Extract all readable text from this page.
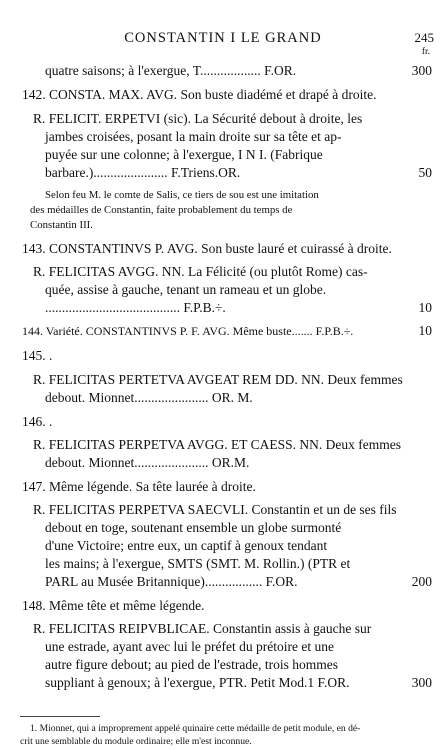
CONSTANTIN I LE GRAND	245
fr.
quatre saisons; à l'exergue, T.................. F.OR.	300
142. CONSTA. MAX. AVG. Son buste diadémé et drapé à droite.
R. FELICIT. ERPETVI (sic). La Sécurité debout à droite, les
jambes croisées, posant la main droite sur sa tête et ap-
puyée sur une colonne; à l'exergue, I N I. (Fabrique
barbare.)...................... F.Triens.OR.	50
Selon feu M. le comte de Salis, ce tiers de sou est une imitation
des médailles de Constantin, faite probablement du temps de
Constantin III.
143. CONSTANTINVS P. AVG. Son buste lauré et cuirassé à droite.
R. FELICITAS AVGG. NN. La Félicité (ou plutôt Rome) cas-
quée, assise à gauche, tenant un rameau et un globe.
........................................ F.P.B.÷.	10
144. Variété. CONSTANTINVS P. F. AVG. Même buste....... F.P.B.÷.	10
145. .
R. FELICITAS PERTETVA AVGEAT REM DD. NN. Deux femmes
debout. Mionnet...................... OR. M.
146. .
R. FELICITAS PERPETVA AVGG. ET CAESS. NN. Deux femmes
debout. Mionnet...................... OR.M.
147. Même légende. Sa tête laurée à droite.
R. FELICITAS PERPETVA SAECVLI. Constantin et un de ses fils
debout en toge, soutenant ensemble un globe surmonté
d'une Victoire; entre eux, un captif à genoux tendant
les mains; à l'exergue, SMTS (SMT. M. Rollin.) (PTR et
PARL au Musée Britannique)................. F.OR.	200
148. Même tête et même légende.
R. FELICITAS REIPVBLICAE. Constantin assis à gauche sur
une estrade, ayant avec lui le préfet du prétoire et une
autre figure debout; au pied de l'estrade, trois hommes
suppliant à genoux; à l'exergue, PTR. Petit Mod.1 F.OR.	300
1. Mionnet, qui a improprement appelé quinaire cette médaille de petit module, en dé-
crit une semblable du module ordinaire; elle m'est inconnue.
